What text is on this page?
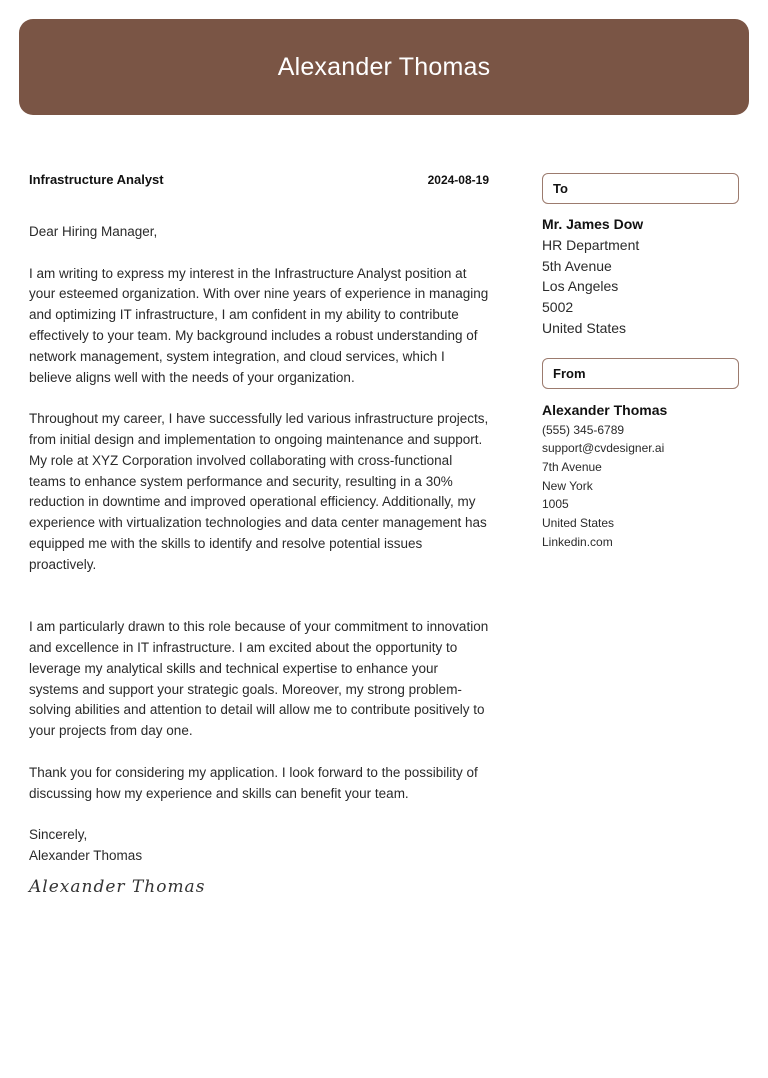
Alexander Thomas
Infrastructure Analyst	2024-08-19
Dear Hiring Manager,
I am writing to express my interest in the Infrastructure Analyst position at your esteemed organization. With over nine years of experience in managing and optimizing IT infrastructure, I am confident in my ability to contribute effectively to your team. My background includes a robust understanding of network management, system integration, and cloud services, which I believe aligns well with the needs of your organization.
Throughout my career, I have successfully led various infrastructure projects, from initial design and implementation to ongoing maintenance and support. My role at XYZ Corporation involved collaborating with cross-functional teams to enhance system performance and security, resulting in a 30% reduction in downtime and improved operational efficiency. Additionally, my experience with virtualization technologies and data center management has equipped me with the skills to identify and resolve potential issues proactively.
I am particularly drawn to this role because of your commitment to innovation and excellence in IT infrastructure. I am excited about the opportunity to leverage my analytical skills and technical expertise to enhance your systems and support your strategic goals. Moreover, my strong problem-solving abilities and attention to detail will allow me to contribute positively to your projects from day one.
Thank you for considering my application. I look forward to the possibility of discussing how my experience and skills can benefit your team.
Sincerely,
Alexander Thomas
Alexander Thomas
To
Mr. James Dow
HR Department
5th Avenue
Los Angeles
5002
United States
From
Alexander Thomas
(555) 345-6789
support@cvdesigner.ai
7th Avenue
New York
1005
United States
Linkedin.com
